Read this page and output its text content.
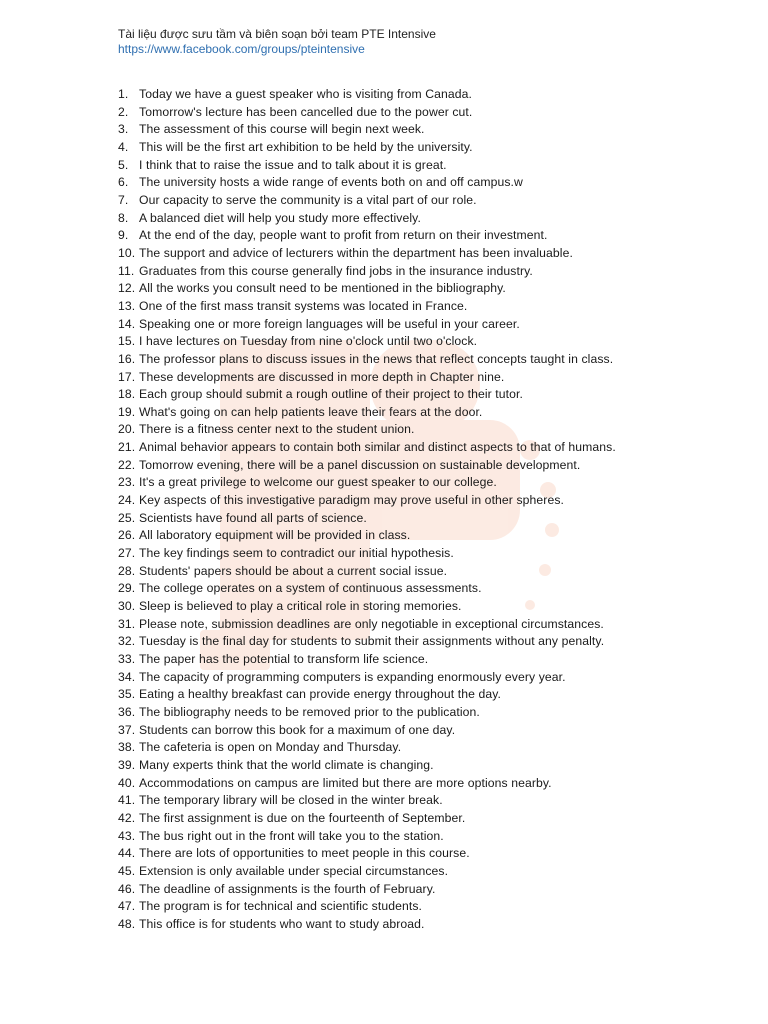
Tài liệu được sưu tầm và biên soạn bởi team PTE Intensive
https://www.facebook.com/groups/pteintensive
1. Today we have a guest speaker who is visiting from Canada.
2. Tomorrow's lecture has been cancelled due to the power cut.
3. The assessment of this course will begin next week.
4. This will be the first art exhibition to be held by the university.
5. I think that to raise the issue and to talk about it is great.
6. The university hosts a wide range of events both on and off campus.w
7. Our capacity to serve the community is a vital part of our role.
8. A balanced diet will help you study more effectively.
9. At the end of the day, people want to profit from return on their investment.
10. The support and advice of lecturers within the department has been invaluable.
11. Graduates from this course generally find jobs in the insurance industry.
12. All the works you consult need to be mentioned in the bibliography.
13. One of the first mass transit systems was located in France.
14. Speaking one or more foreign languages will be useful in your career.
15. I have lectures on Tuesday from nine o'clock until two o'clock.
16. The professor plans to discuss issues in the news that reflect concepts taught in class.
17. These developments are discussed in more depth in Chapter nine.
18. Each group should submit a rough outline of their project to their tutor.
19. What's going on can help patients leave their fears at the door.
20. There is a fitness center next to the student union.
21. Animal behavior appears to contain both similar and distinct aspects to that of humans.
22. Tomorrow evening, there will be a panel discussion on sustainable development.
23. It's a great privilege to welcome our guest speaker to our college.
24. Key aspects of this investigative paradigm may prove useful in other spheres.
25. Scientists have found all parts of science.
26. All laboratory equipment will be provided in class.
27. The key findings seem to contradict our initial hypothesis.
28. Students' papers should be about a current social issue.
29. The college operates on a system of continuous assessments.
30. Sleep is believed to play a critical role in storing memories.
31. Please note, submission deadlines are only negotiable in exceptional circumstances.
32. Tuesday is the final day for students to submit their assignments without any penalty.
33. The paper has the potential to transform life science.
34. The capacity of programming computers is expanding enormously every year.
35. Eating a healthy breakfast can provide energy throughout the day.
36. The bibliography needs to be removed prior to the publication.
37. Students can borrow this book for a maximum of one day.
38. The cafeteria is open on Monday and Thursday.
39. Many experts think that the world climate is changing.
40. Accommodations on campus are limited but there are more options nearby.
41. The temporary library will be closed in the winter break.
42. The first assignment is due on the fourteenth of September.
43. The bus right out in the front will take you to the station.
44. There are lots of opportunities to meet people in this course.
45. Extension is only available under special circumstances.
46. The deadline of assignments is the fourth of February.
47. The program is for technical and scientific students.
48. This office is for students who want to study abroad.
